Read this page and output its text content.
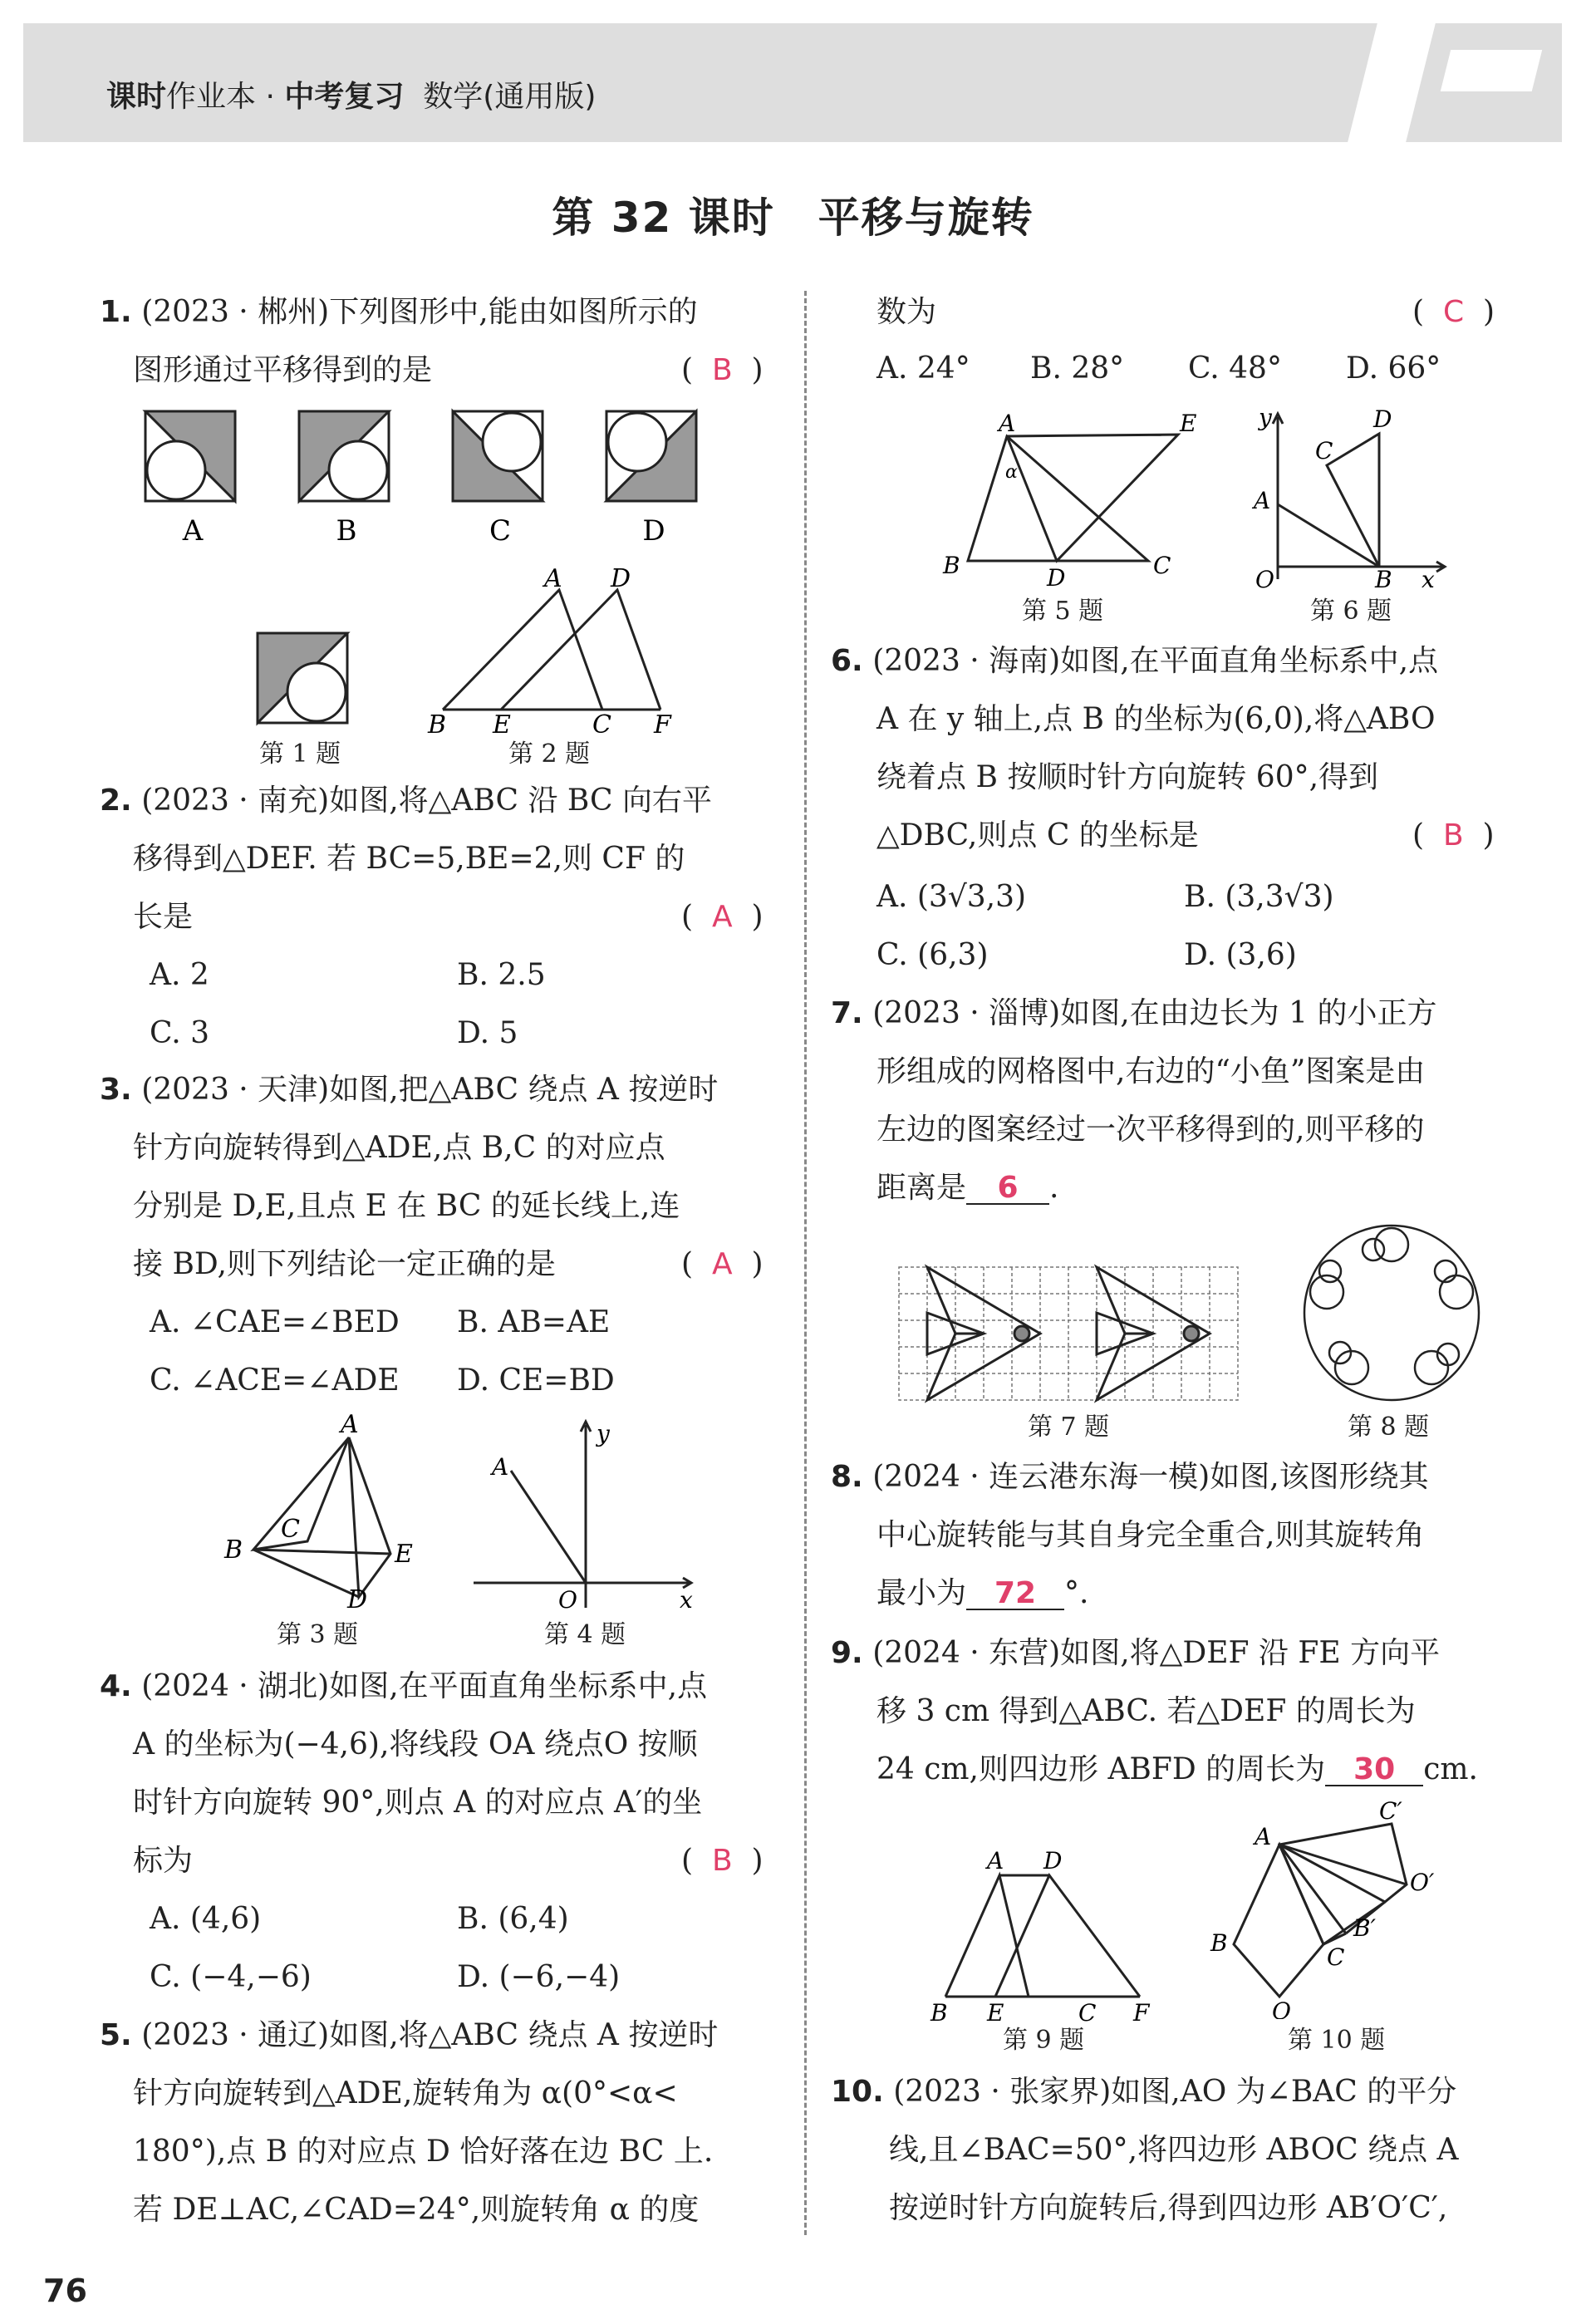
课时作业本 · 中考复习 数学(通用版)
第 32 课时　平移与旋转
1. (2023 · 郴州)下列图形中,能由如图所示的
图形通过平移得到的是	(  B  )
A	B	C	D
第 1 题
A D
B E	C F
第 2 题
2. (2023 · 南充)如图,将△ABC 沿 BC 向右平
移得到△DEF. 若 BC=5,BE=2,则 CF 的
长是	(  A  )
A. 2	B. 2.5
C. 3	D. 5
3. (2023 · 天津)如图,把△ABC 绕点 A 按逆时
针方向旋转得到△ADE,点 B,C 的对应点
分别是 D,E,且点 E 在 BC 的延长线上,连
接 BD,则下列结论一定正确的是	(  A  )
A. ∠CAE=∠BED B. AB=AE
C. ∠ACE=∠ADE D. CE=BD
A
B
C
E
D
第 3 题
y
A
O	x
第 4 题
4. (2024 · 湖北)如图,在平面直角坐标系中,点
A 的坐标为(−4,6),将线段 OA 绕点O 按顺
时针方向旋转 90°,则点 A 的对应点 A′的坐
标为	(  B  )
A. (4,6)	B. (6,4)
C. (−4,−6)	D. (−6,−4)
5. (2023 · 通辽)如图,将△ABC 绕点 A 按逆时
针方向旋转到△ADE,旋转角为 α(0°<α<
180°),点 B 的对应点 D 恰好落在边 BC 上.
若 DE⊥AC,∠CAD=24°,则旋转角 α 的度
76
数为	(  C  )
A. 24° B. 28° C. 48° D. 66°
A	E
α
B	D	C
第 5 题
y	D
C
A
O	B x
第 6 题
6. (2023 · 海南)如图,在平面直角坐标系中,点
A 在 y 轴上,点 B 的坐标为(6,0),将△ABO
绕着点 B 按顺时针方向旋转 60°,得到
△DBC,则点 C 的坐标是	(  B  )
A. (3√3,3)	B. (3,3√3)
C. (6,3)	D. (3,6)
7. (2023 · 淄博)如图,在由边长为 1 的小正方
形组成的网格图中,右边的“小鱼”图案是由
左边的图案经过一次平移得到的,则平移的
距离是 6 .
第 7 题	第 8 题
8. (2024 · 连云港东海一模)如图,该图形绕其
中心旋转能与其自身完全重合,则其旋转角
最小为 72 °.
9. (2024 · 东营)如图,将△DEF 沿 FE 方向平
移 3 cm 得到△ABC. 若△DEF 的周长为
24 cm,则四边形 ABFD 的周长为 30 cm.
A D
B E	C F
第 9 题
C′
A
O′
B′
B
C
O
第 10 题
10. (2023 · 张家界)如图,AO 为∠BAC 的平分
线,且∠BAC=50°,将四边形 ABOC 绕点 A
按逆时针方向旋转后,得到四边形 AB′O′C′,
